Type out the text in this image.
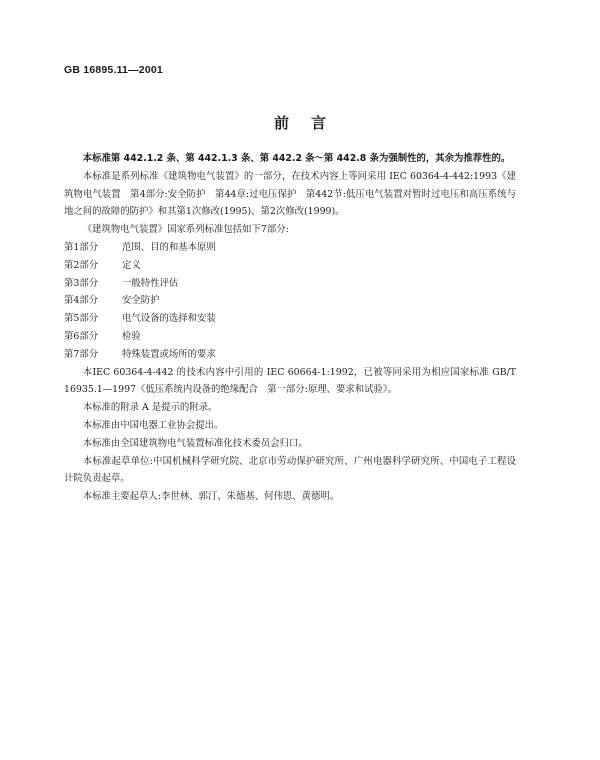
GB 16895.11—2001
前言

本标准第 442.1.2 条、第 442.1.3 条、第 442.2 条～第 442.8 条为强制性的，其余为推荐性的。

本标准是系列标准《建筑物电气装置》的一部分，在技术内容上等同采用 IEC 60364-4-442:1993《建筑物电气装置　第4部分:安全防护　第44章:过电压保护　第442节:低压电气装置对暂时过电压和高压系统与地之间的故障的防护》和其第1次修改(1995)、第2次修改(1999)。

《建筑物电气装置》国家系列标准包括如下7部分:

第1部分	范围、目的和基本原则
第2部分	定义
第3部分	一般特性评估
第4部分	安全防护
第5部分	电气设备的选择和安装
第6部分	检验
第7部分	特殊装置或场所的要求

本IEC 60364-4-442 的技术内容中引用的 IEC 60664-1:1992，已被等同采用为相应国家标准 GB/T 16935.1—1997《低压系统内设备的绝缘配合　第一部分:原理、要求和试验》。

本标准的附录 A 是提示的附录。

本标准由中国电器工业协会提出。

本标准由全国建筑物电气装置标准化技术委员会归口。

本标准起草单位:中国机械科学研究院、北京市劳动保护研究所、广州电器科学研究所、中国电子工程设计院负责起草。

本标准主要起草人:李世林、郭汀、朱德基、何伟恩、黄德明。
